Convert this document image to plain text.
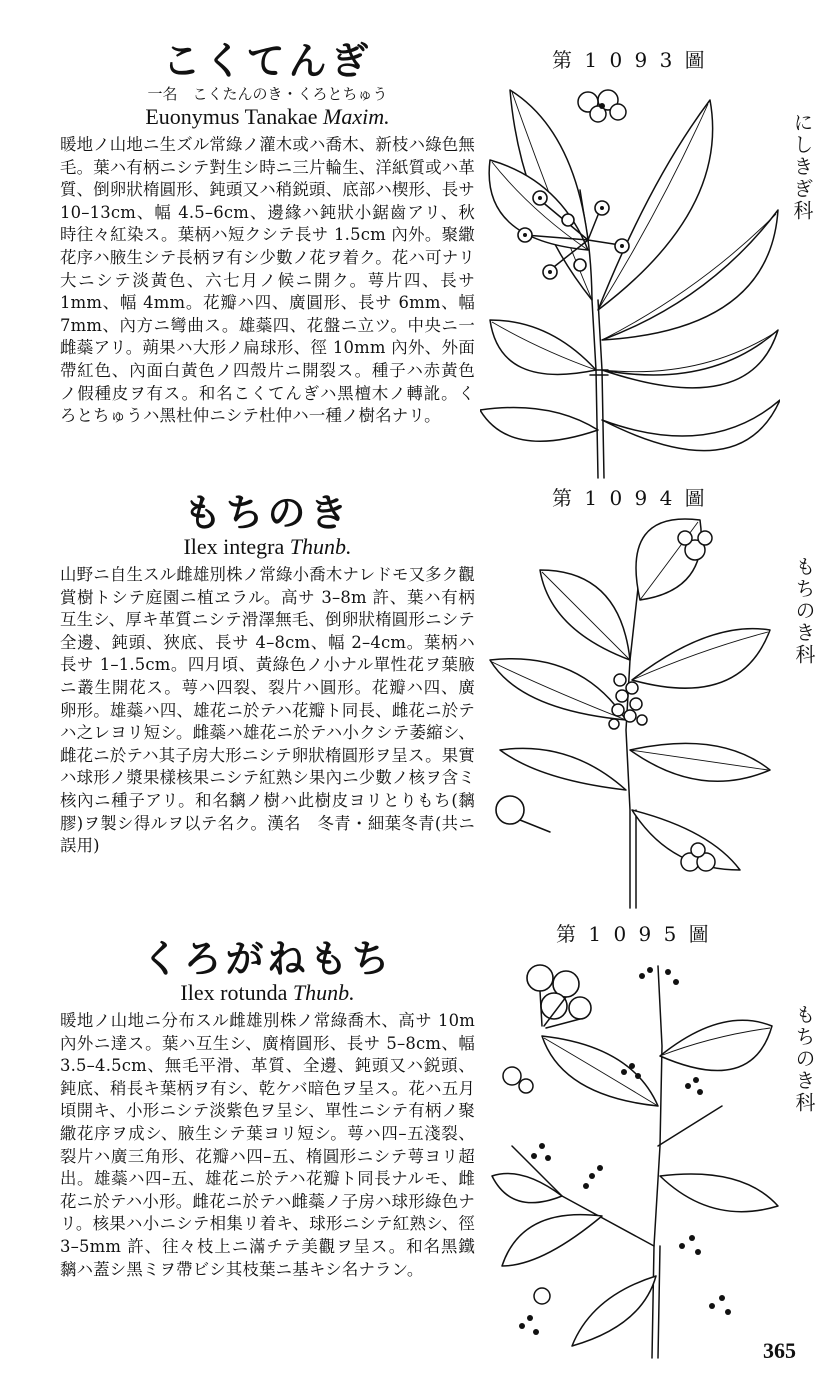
こくてんぎ

一名　こくたんのき・くろとちゅう

Euonymus Tanakae Maxim.

暖地ノ山地ニ生ズル常綠ノ灌木或ハ喬木、新枝ハ綠色無毛。葉ハ有柄ニシテ對生シ時ニ三片輪生、洋紙質或ハ革質、倒卵狀楕圓形、鈍頭又ハ稍鋭頭、底部ハ楔形、長サ 10–13cm、幅 4.5–6cm、邊緣ハ鈍狀小鋸齒アリ、秋時往々紅染ス。葉柄ハ短クシテ長サ 1.5cm 內外。聚繖花序ハ腋生シテ長柄ヲ有シ少數ノ花ヲ着ク。花ハ可ナリ大ニシテ淡黃色、六七月ノ候ニ開ク。萼片四、長サ 1mm、幅 4mm。花瓣ハ四、廣圓形、長サ 6mm、幅 7mm、內方ニ彎曲ス。雄蘂四、花盤ニ立ツ。中央ニ一雌蘂アリ。蒴果ハ大形ノ扁球形、徑 10mm 內外、外面帶紅色、內面白黃色ノ四殼片ニ開裂ス。種子ハ赤黃色ノ假種皮ヲ有ス。和名こくてんぎハ黑檀木ノ轉訛。くろとちゅうハ黑杜仲ニシテ杜仲ハ一種ノ樹名ナリ。

もちのき

Ilex integra Thunb.

山野ニ自生スル雌雄別株ノ常綠小喬木ナレドモ又多ク觀賞樹トシテ庭園ニ植ヱラル。高サ 3–8m 許、葉ハ有柄互生シ、厚キ革質ニシテ滑澤無毛、倒卵狀楕圓形ニシテ全邊、鈍頭、狹底、長サ 4–8cm、幅 2–4cm。葉柄ハ長サ 1–1.5cm。四月頃、黃綠色ノ小ナル單性花ヲ葉腋ニ叢生開花ス。萼ハ四裂、裂片ハ圓形。花瓣ハ四、廣卵形。雄蘂ハ四、雄花ニ於テハ花瓣ト同長、雌花ニ於テハ之レヨリ短シ。雌蘂ハ雄花ニ於テハ小クシテ萎縮シ、雌花ニ於テハ其子房大形ニシテ卵狀楕圓形ヲ呈ス。果實ハ球形ノ漿果樣核果ニシテ紅熟シ果內ニ少數ノ核ヲ含ミ核內ニ種子アリ。和名黐ノ樹ハ此樹皮ヨリとりもち(黐膠)ヲ製シ得ルヲ以テ名ク。漢名　冬青・細葉冬青(共ニ誤用)

くろがねもち

Ilex rotunda Thunb.

暖地ノ山地ニ分布スル雌雄別株ノ常綠喬木、高サ 10m 內外ニ達ス。葉ハ互生シ、廣楕圓形、長サ 5–8cm、幅 3.5–4.5cm、無毛平滑、革質、全邊、鈍頭又ハ鋭頭、鈍底、稍長キ葉柄ヲ有シ、乾ケバ暗色ヲ呈ス。花ハ五月頃開キ、小形ニシテ淡紫色ヲ呈シ、單性ニシテ有柄ノ聚繖花序ヲ成シ、腋生シテ葉ヨリ短シ。萼ハ四–五淺裂、裂片ハ廣三角形、花瓣ハ四–五、楕圓形ニシテ萼ヨリ超出。雄蘂ハ四–五、雄花ニ於テハ花瓣ト同長ナルモ、雌花ニ於テハ小形。雌花ニ於テハ雌蘂ノ子房ハ球形綠色ナリ。核果ハ小ニシテ相集リ着キ、球形ニシテ紅熟シ、徑 3–5mm 許、往々枝上ニ滿チテ美觀ヲ呈ス。和名黑鐵黐ハ蓋シ黑ミヲ帶ビシ其枝葉ニ基キシ名ナラン。

第 1 0 9 3 圖
第 1 0 9 4 圖
第 1 0 9 5 圖
にしきぎ科
もちのき科
もちのき科
365
